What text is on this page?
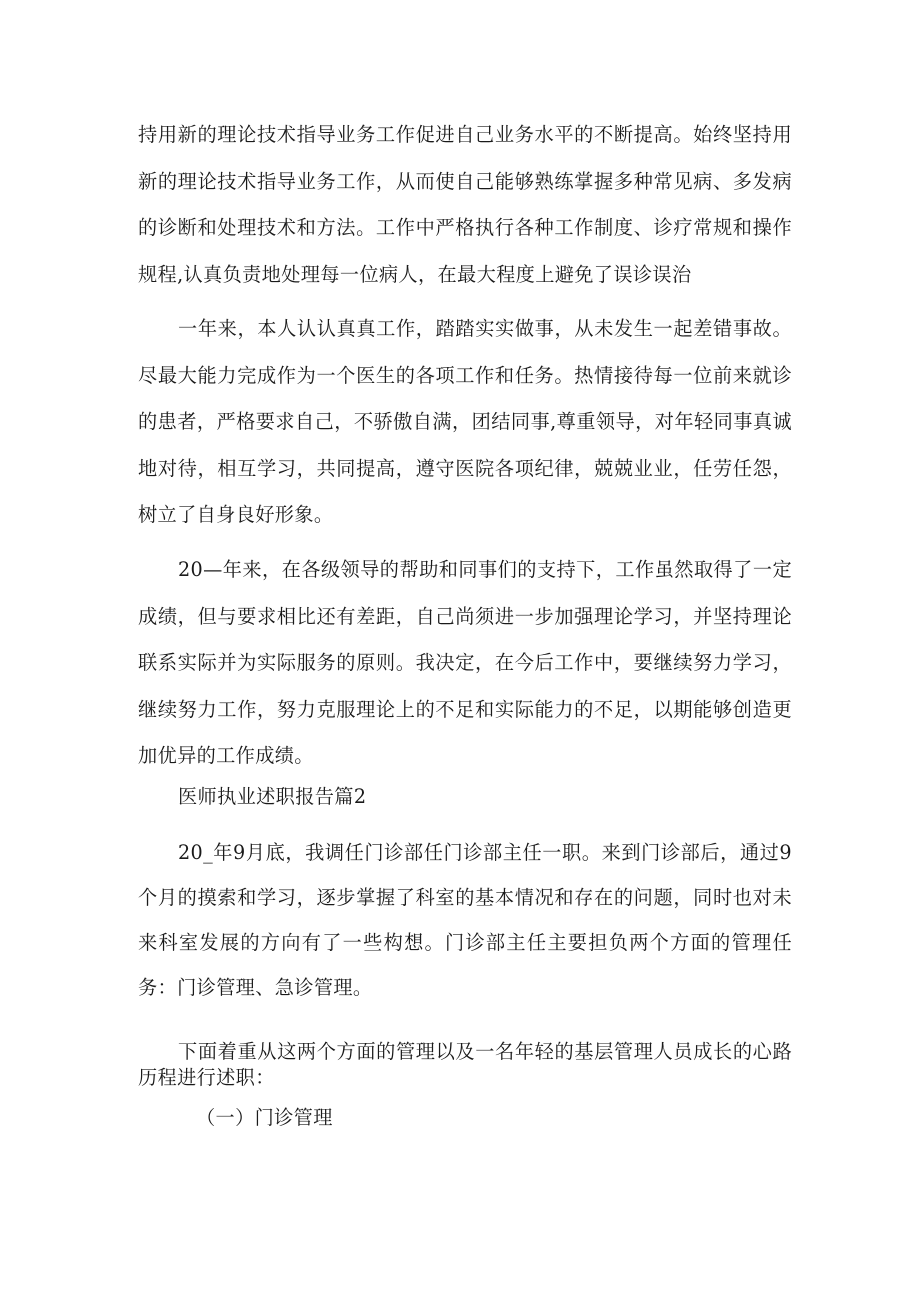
持用新的理论技术指导业务工作促进自己业务水平的不断提高。始终坚持用新的理论技术指导业务工作，从而使自己能够熟练掌握多种常见病、多发病的诊断和处理技术和方法。工作中严格执行各种工作制度、诊疗常规和操作规程,认真负责地处理每一位病人，在最大程度上避免了误诊误治

一年来，本人认认真真工作，踏踏实实做事，从未发生一起差错事故。尽最大能力完成作为一个医生的各项工作和任务。热情接待每一位前来就诊的患者，严格要求自己，不骄傲自满，团结同事,尊重领导，对年轻同事真诚地对待，相互学习，共同提高，遵守医院各项纪律，兢兢业业，任劳任怨，树立了自身良好形象。

20—年来，在各级领导的帮助和同事们的支持下，工作虽然取得了一定成绩，但与要求相比还有差距，自己尚须进一步加强理论学习，并坚持理论联系实际并为实际服务的原则。我决定，在今后工作中，要继续努力学习，继续努力工作，努力克服理论上的不足和实际能力的不足，以期能够创造更加优异的工作成绩。

医师执业述职报告篇2

20_年9月底，我调任门诊部任门诊部主任一职。来到门诊部后，通过9个月的摸索和学习，逐步掌握了科室的基本情况和存在的问题，同时也对未来科室发展的方向有了一些构想。门诊部主任主要担负两个方面的管理任务：门诊管理、急诊管理。

下面着重从这两个方面的管理以及一名年轻的基层管理人员成长的心路历程进行述职：

（一）门诊管理
